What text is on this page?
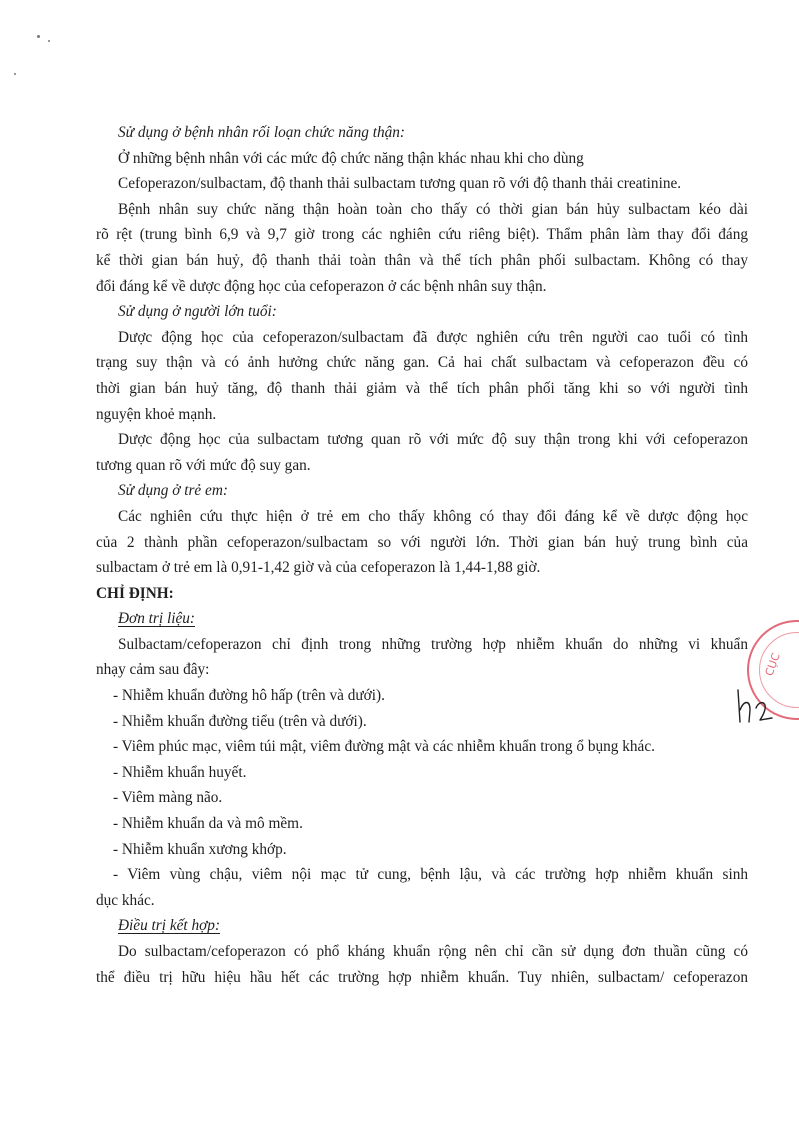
Sử dụng ở bệnh nhân rối loạn chức năng thận:
Ở những bệnh nhân với các mức độ chức năng thận khác nhau khi cho dùng
Cefoperazon/sulbactam, độ thanh thải sulbactam tương quan rõ với độ thanh thải creatinine.
Bệnh nhân suy chức năng thận hoàn toàn cho thấy có thời gian bán hủy sulbactam kéo dài
rõ rệt (trung bình 6,9 và 9,7 giờ trong các nghiên cứu riêng biệt). Thẩm phân làm thay đổi đáng
kể thời gian bán huỷ, độ thanh thải toàn thân và thể tích phân phối sulbactam. Không có thay
đổi đáng kể về dược động học của cefoperazon ở các bệnh nhân suy thận.
Sử dụng ở người lớn tuổi:
Dược động học của cefoperazon/sulbactam đã được nghiên cứu trên người cao tuổi có tình
trạng suy thận và có ảnh hưởng chức năng gan. Cả hai chất sulbactam và cefoperazon đều có
thời gian bán huỷ tăng, độ thanh thải giảm và thể tích phân phối tăng khi so với người tình
nguyện khoẻ mạnh.
Dược động học của sulbactam tương quan rõ với mức độ suy thận trong khi với cefoperazon
tương quan rõ với mức độ suy gan.
Sử dụng ở trẻ em:
Các nghiên cứu thực hiện ở trẻ em cho thấy không có thay đổi đáng kể về dược động học
của 2 thành phần cefoperazon/sulbactam so với người lớn. Thời gian bán huỷ trung bình của
sulbactam ở trẻ em là 0,91-1,42 giờ và của cefoperazon là 1,44-1,88 giờ.
CHỈ ĐỊNH:
Đơn trị liệu:
Sulbactam/cefoperazon chỉ định trong những trường hợp nhiễm khuẩn do những vi khuẩn
nhạy cảm sau đây:
- Nhiễm khuẩn đường hô hấp (trên và dưới).
- Nhiễm khuẩn đường tiểu (trên và dưới).
- Viêm phúc mạc, viêm túi mật, viêm đường mật và các nhiễm khuẩn trong ổ bụng khác.
- Nhiễm khuẩn huyết.
- Viêm màng não.
- Nhiễm khuẩn da và mô mềm.
- Nhiễm khuẩn xương khớp.
- Viêm vùng chậu, viêm nội mạc tử cung, bệnh lậu, và các trường hợp nhiễm khuẩn sinh
dục khác.
Điều trị kết hợp:
Do sulbactam/cefoperazon có phổ kháng khuẩn rộng nên chỉ cần sử dụng đơn thuần cũng có
thể điều trị hữu hiệu hầu hết các trường hợp nhiễm khuẩn. Tuy nhiên, sulbactam/ cefoperazon
CỤC
